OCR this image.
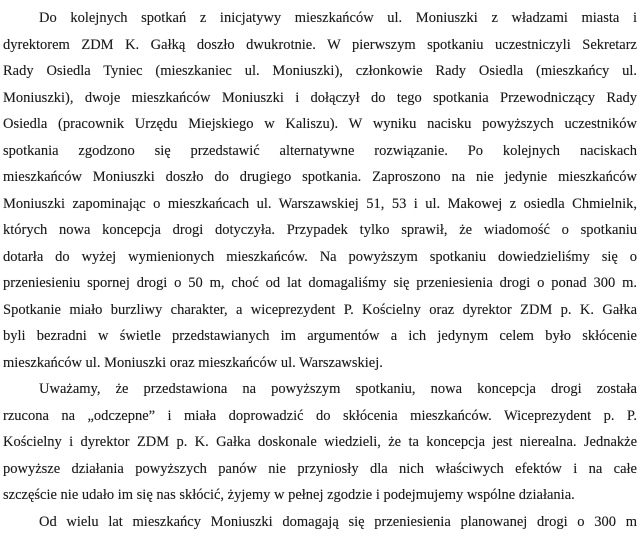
Do kolejnych spotkań z inicjatywy mieszkańców ul. Moniuszki z władzami miasta i
dyrektorem ZDM K. Gałką doszło dwukrotnie. W pierwszym spotkaniu uczestniczyli Sekretarz
Rady Osiedla Tyniec (mieszkaniec ul. Moniuszki), członkowie Rady Osiedla (mieszkańcy ul.
Moniuszki), dwoje mieszkańców Moniuszki i dołączył do tego spotkania Przewodniczący Rady
Osiedla (pracownik Urzędu Miejskiego w Kaliszu). W wyniku nacisku powyższych uczestników
spotkania zgodzono się przedstawić alternatywne rozwiązanie. Po kolejnych naciskach
mieszkańców Moniuszki doszło do drugiego spotkania. Zaproszono na nie jedynie mieszkańców
Moniuszki zapominając o mieszkańcach ul. Warszawskiej 51, 53 i ul. Makowej z osiedla Chmielnik,
których nowa koncepcja drogi dotyczyła. Przypadek tylko sprawił, że wiadomość o spotkaniu
dotarła do wyżej wymienionych mieszkańców. Na powyższym spotkaniu dowiedzieliśmy się o
przeniesieniu spornej drogi o 50 m, choć od lat domagaliśmy się przeniesienia drogi o ponad 300 m.
Spotkanie miało burzliwy charakter, a wiceprezydent P. Kościelny oraz dyrektor ZDM p. K. Gałka
byli bezradni w świetle przedstawianych im argumentów a ich jedynym celem było skłócenie
mieszkańców ul. Moniuszki oraz mieszkańców ul. Warszawskiej.
Uważamy, że przedstawiona na powyższym spotkaniu, nowa koncepcja drogi została
rzucona na „odczepne” i miała doprowadzić do skłócenia mieszkańców. Wiceprezydent p. P.
Kościelny i dyrektor ZDM p. K. Gałka doskonale wiedzieli, że ta koncepcja jest nierealna. Jednakże
powyższe działania powyższych panów nie przyniosły dla nich właściwych efektów i na całe
szczęście nie udało im się nas skłócić, żyjemy w pełnej zgodzie i podejmujemy wspólne działania.
Od wielu lat mieszkańcy Moniuszki domagają się przeniesienia planowanej drogi o 300 m
